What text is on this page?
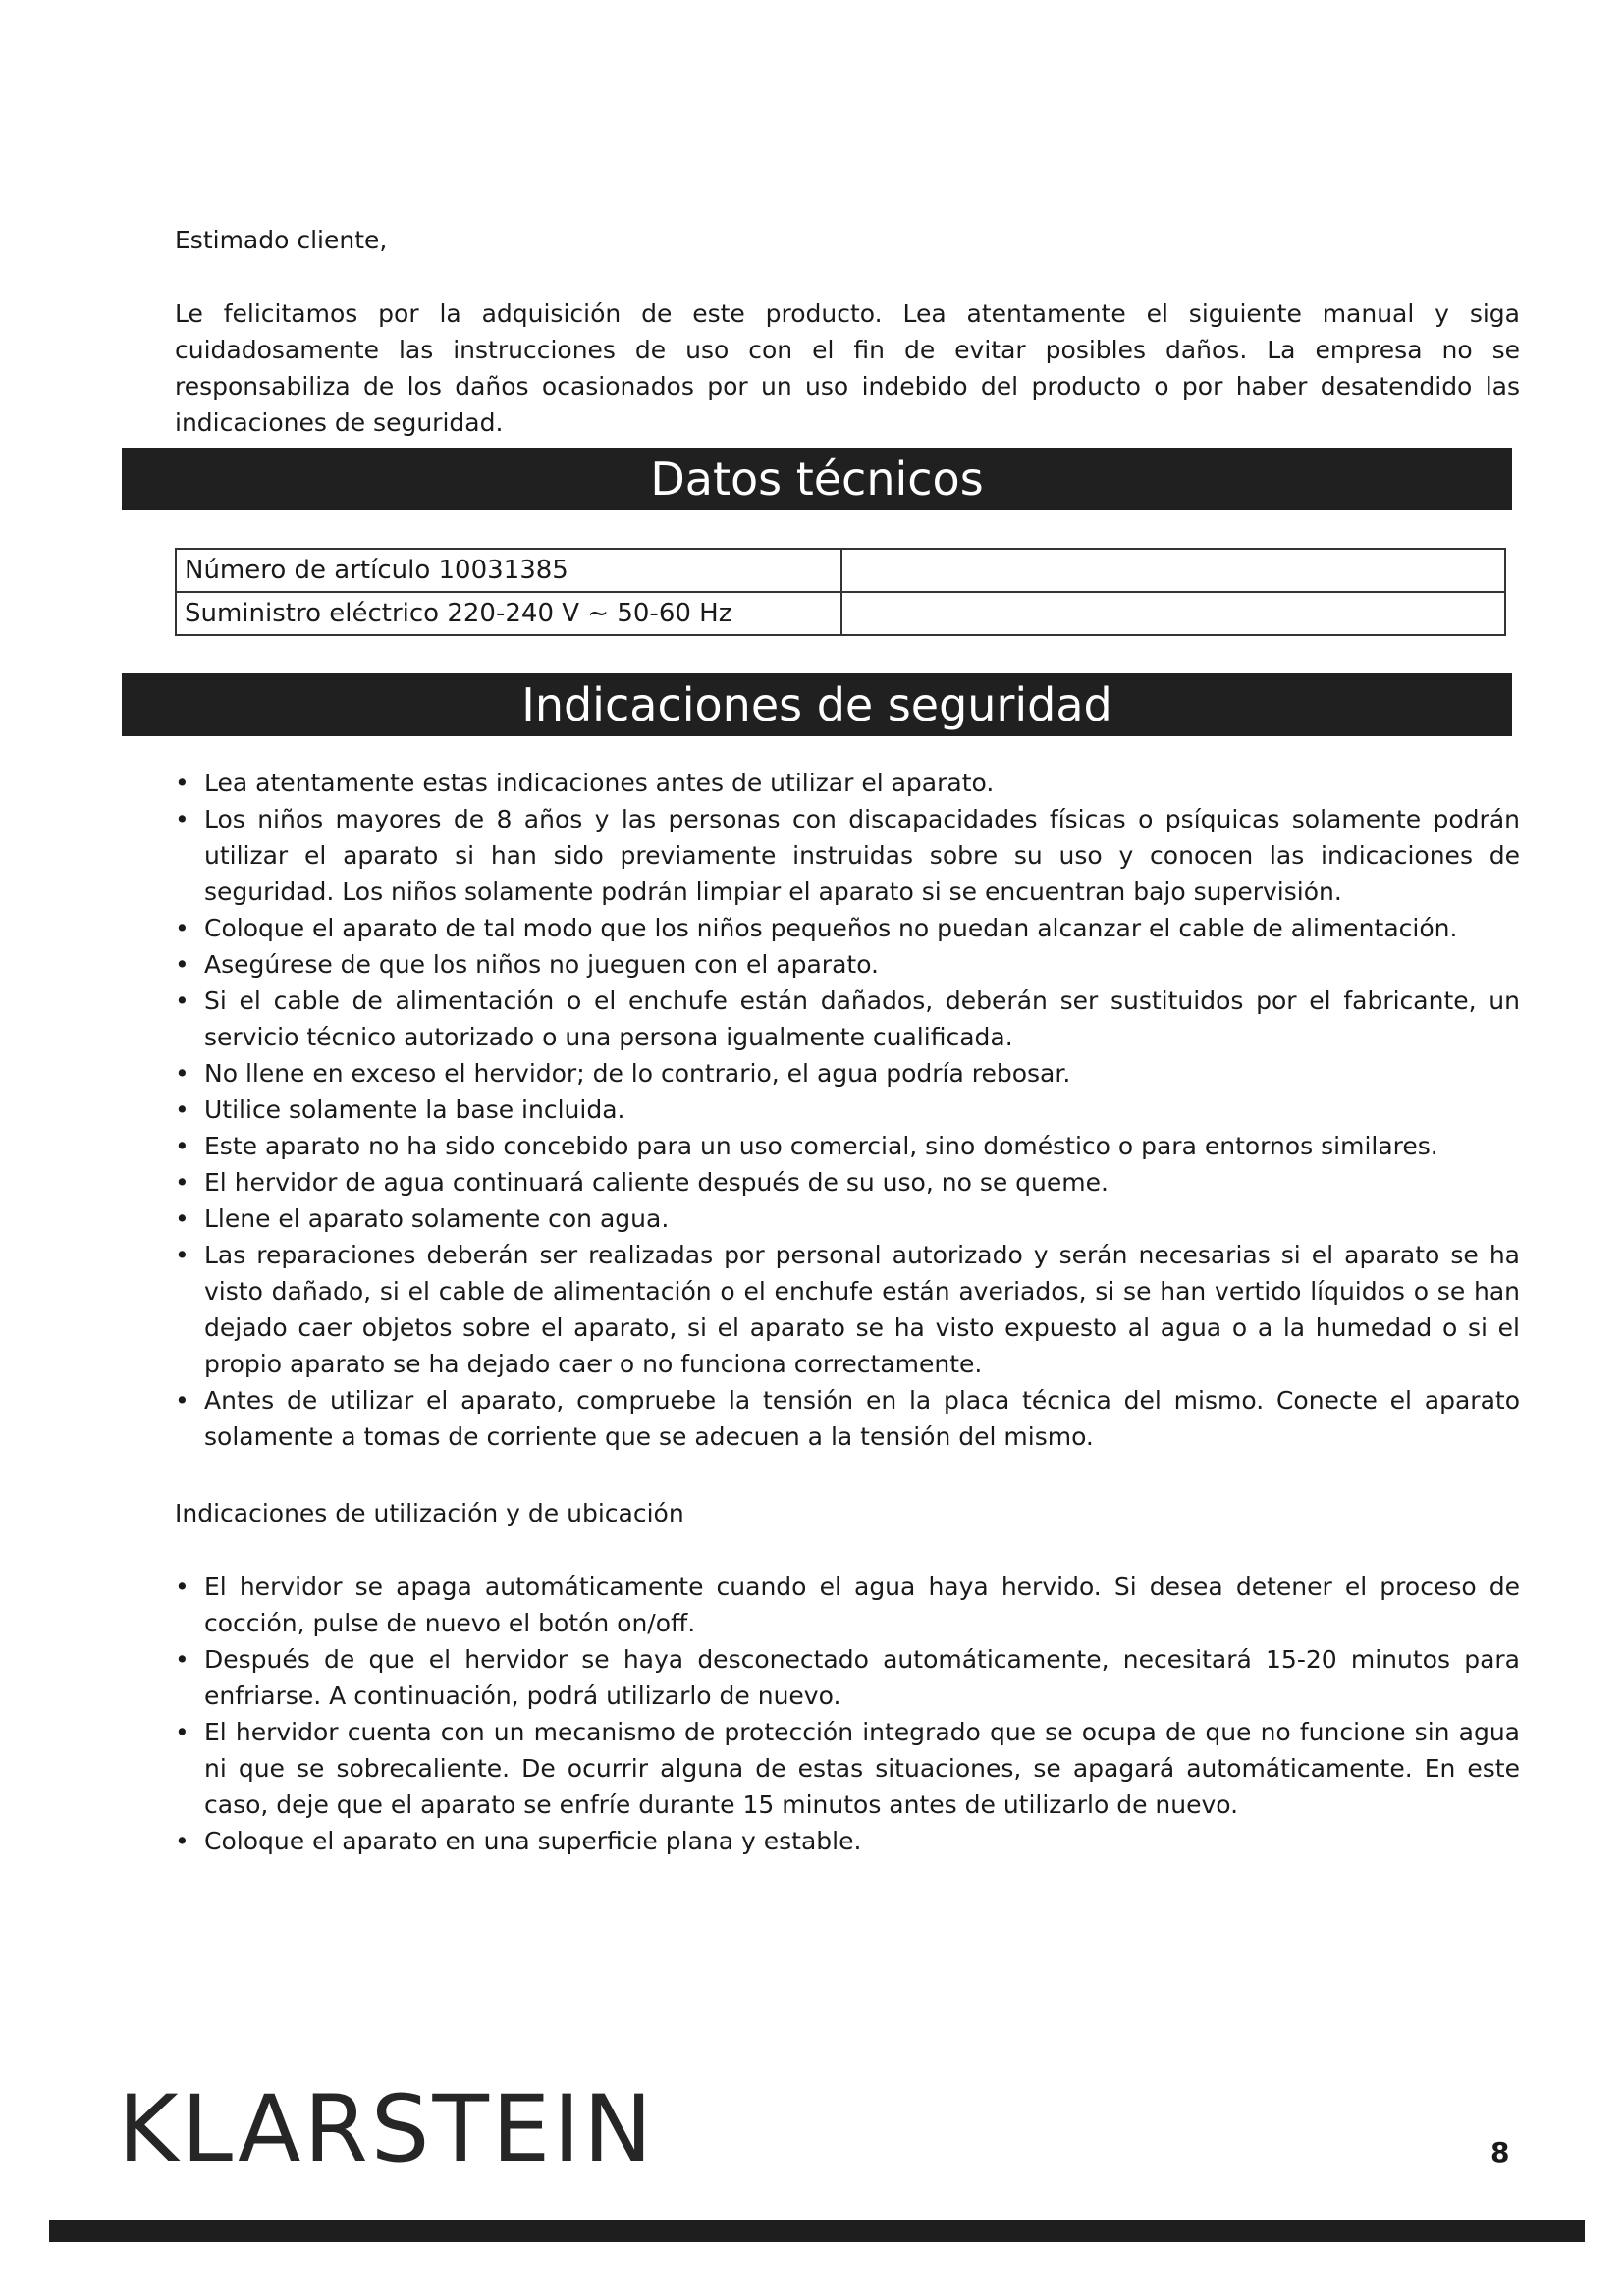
Estimado cliente,
Le felicitamos por la adquisición de este producto. Lea atentamente el siguiente manual y siga cuidadosamente las instrucciones de uso con el fin de evitar posibles daños. La empresa no se responsabiliza de los daños ocasionados por un uso indebido del producto o por haber desatendido las indicaciones de seguridad.
Datos técnicos
Número de artículo 10031385	
Suministro eléctrico 220-240 V ~ 50-60 Hz	
Indicaciones de seguridad
• Lea atentamente estas indicaciones antes de utilizar el aparato.
• Los niños mayores de 8 años y las personas con discapacidades físicas o psíquicas solamente podrán utilizar el aparato si han sido previamente instruidas sobre su uso y conocen las indicaciones de seguridad. Los niños solamente podrán limpiar el aparato si se encuentran bajo supervisión.
• Coloque el aparato de tal modo que los niños pequeños no puedan alcanzar el cable de alimentación.
• Asegúrese de que los niños no jueguen con el aparato.
• Si el cable de alimentación o el enchufe están dañados, deberán ser sustituidos por el fabricante, un servicio técnico autorizado o una persona igualmente cualificada.
• No llene en exceso el hervidor; de lo contrario, el agua podría rebosar.
• Utilice solamente la base incluida.
• Este aparato no ha sido concebido para un uso comercial, sino doméstico o para entornos similares.
• El hervidor de agua continuará caliente después de su uso, no se queme.
• Llene el aparato solamente con agua.
• Las reparaciones deberán ser realizadas por personal autorizado y serán necesarias si el aparato se ha visto dañado, si el cable de alimentación o el enchufe están averiados, si se han vertido líquidos o se han dejado caer objetos sobre el aparato, si el aparato se ha visto expuesto al agua o a la humedad o si el propio aparato se ha dejado caer o no funciona correctamente.
• Antes de utilizar el aparato, compruebe la tensión en la placa técnica del mismo. Conecte el aparato solamente a tomas de corriente que se adecuen a la tensión del mismo.
Indicaciones de utilización y de ubicación
• El hervidor se apaga automáticamente cuando el agua haya hervido. Si desea detener el proceso de cocción, pulse de nuevo el botón on/off.
• Después de que el hervidor se haya desconectado automáticamente, necesitará 15-20 minutos para enfriarse. A continuación, podrá utilizarlo de nuevo.
• El hervidor cuenta con un mecanismo de protección integrado que se ocupa de que no funcione sin agua ni que se sobrecaliente. De ocurrir alguna de estas situaciones, se apagará automáticamente. En este caso, deje que el aparato se enfríe durante 15 minutos antes de utilizarlo de nuevo.
• Coloque el aparato en una superficie plana y estable.
KLARSTEIN	8
